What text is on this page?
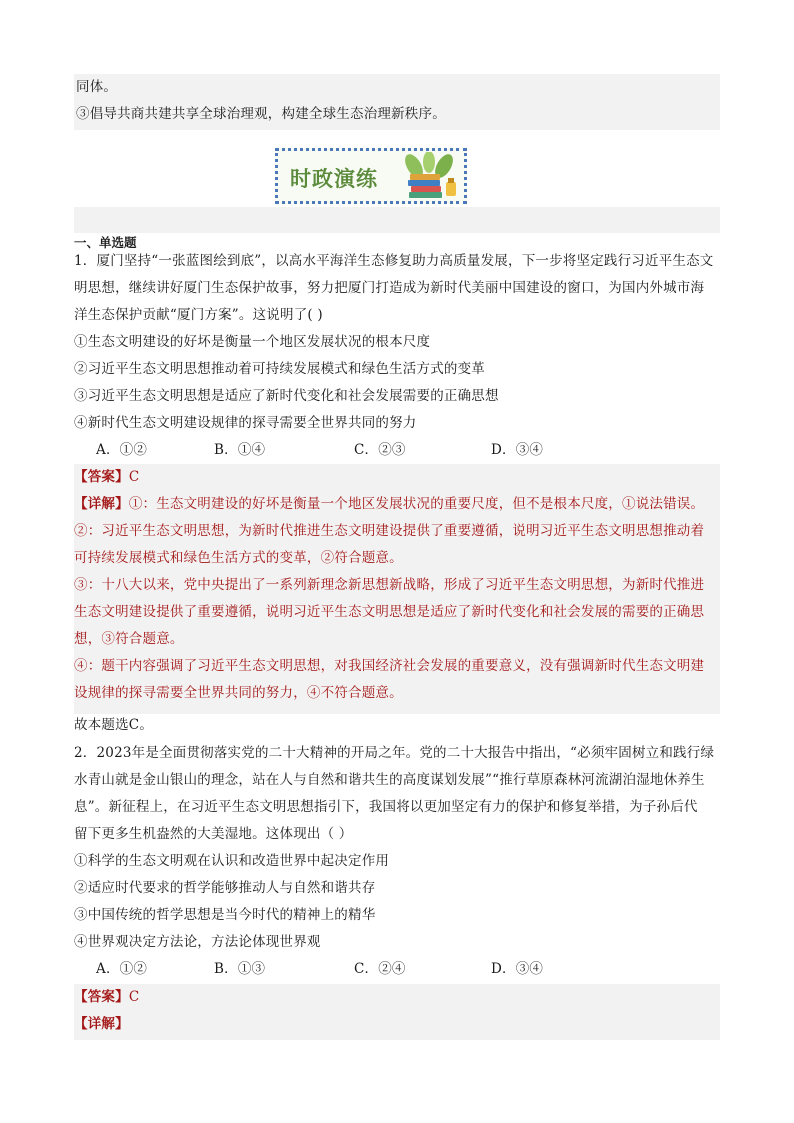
同体。
③倡导共商共建共享全球治理观，构建全球生态治理新秩序。
时政演练
一、单选题
1．厦门坚持“一张蓝图绘到底”，以高水平海洋生态修复助力高质量发展，下一步将坚定践行习近平生态文
明思想，继续讲好厦门生态保护故事，努力把厦门打造成为新时代美丽中国建设的窗口，为国内外城市海
洋生态保护贡献“厦门方案”。这说明了( )
①生态文明建设的好坏是衡量一个地区发展状况的根本尺度
②习近平生态文明思想推动着可持续发展模式和绿色生活方式的变革
③习近平生态文明思想是适应了新时代变化和社会发展需要的正确思想
④新时代生态文明建设规律的探寻需要全世界共同的努力
A．①②	B．①④	C．②③	D．③④
【答案】C
【详解】①：生态文明建设的好坏是衡量一个地区发展状况的重要尺度，但不是根本尺度，①说法错误。
②：习近平生态文明思想，为新时代推进生态文明建设提供了重要遵循，说明习近平生态文明思想推动着
可持续发展模式和绿色生活方式的变革，②符合题意。
③：十八大以来，党中央提出了一系列新理念新思想新战略，形成了习近平生态文明思想，为新时代推进
生态文明建设提供了重要遵循，说明习近平生态文明思想是适应了新时代变化和社会发展的需要的正确思
想，③符合题意。
④：题干内容强调了习近平生态文明思想，对我国经济社会发展的重要意义，没有强调新时代生态文明建
设规律的探寻需要全世界共同的努力，④不符合题意。
故本题选C。
2．2023年是全面贯彻落实党的二十大精神的开局之年。党的二十大报告中指出，“必须牢固树立和践行绿
水青山就是金山银山的理念，站在人与自然和谐共生的高度谋划发展”“推行草原森林河流湖泊湿地休养生
息”。新征程上，在习近平生态文明思想指引下，我国将以更加坚定有力的保护和修复举措，为子孙后代
留下更多生机盎然的大美湿地。这体现出（ ）
①科学的生态文明观在认识和改造世界中起决定作用
②适应时代要求的哲学能够推动人与自然和谐共存
③中国传统的哲学思想是当今时代的精神上的精华
④世界观决定方法论，方法论体现世界观
A．①②	B．①③	C．②④	D．③④
【答案】C
【详解】
